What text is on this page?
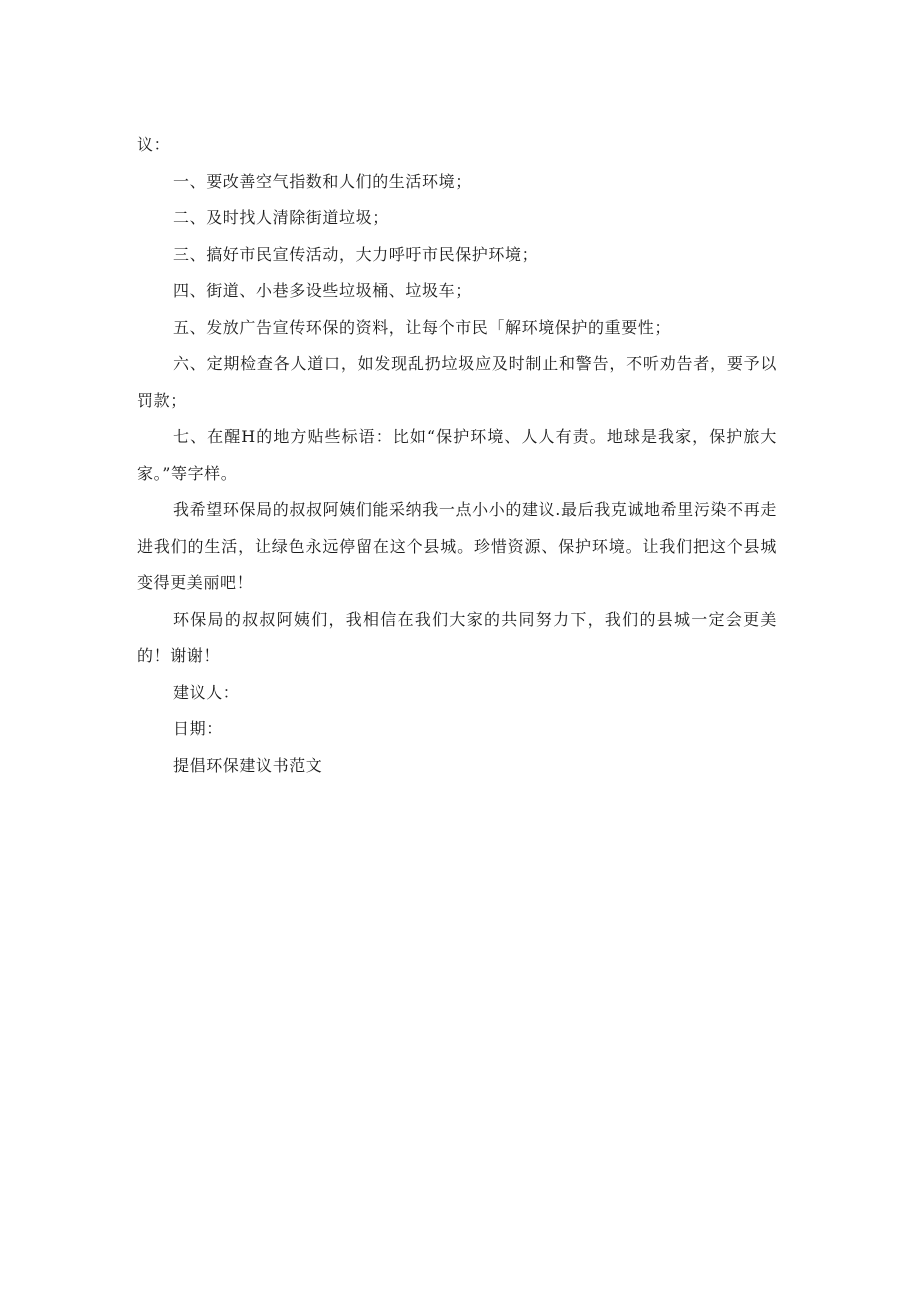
议：

一、要改善空气指数和人们的生活环境；

二、及时找人清除街道垃圾；

三、搞好市民宣传活动，大力呼吁市民保护环境；

四、街道、小巷多设些垃圾桶、垃圾车；

五、发放广告宣传环保的资料，让每个市民「解环境保护的重要性；

六、定期检查各人道口，如发现乱扔垃圾应及时制止和警告，不听劝告者，要予以罚款；

七、在醒H的地方贴些标语：比如“保护环境、人人有责。地球是我家，保护旅大家。”等字样。

我希望环保局的叔叔阿姨们能采纳我一点小小的建议.最后我克诚地希里污染不再走进我们的生活，让绿色永远停留在这个县城。珍惜资源、保护环境。让我们把这个县城变得更美丽吧！

环保局的叔叔阿姨们，我相信在我们大家的共同努力下，我们的县城一定会更美的！谢谢！

建议人：

日期：

提倡环保建议书范文
